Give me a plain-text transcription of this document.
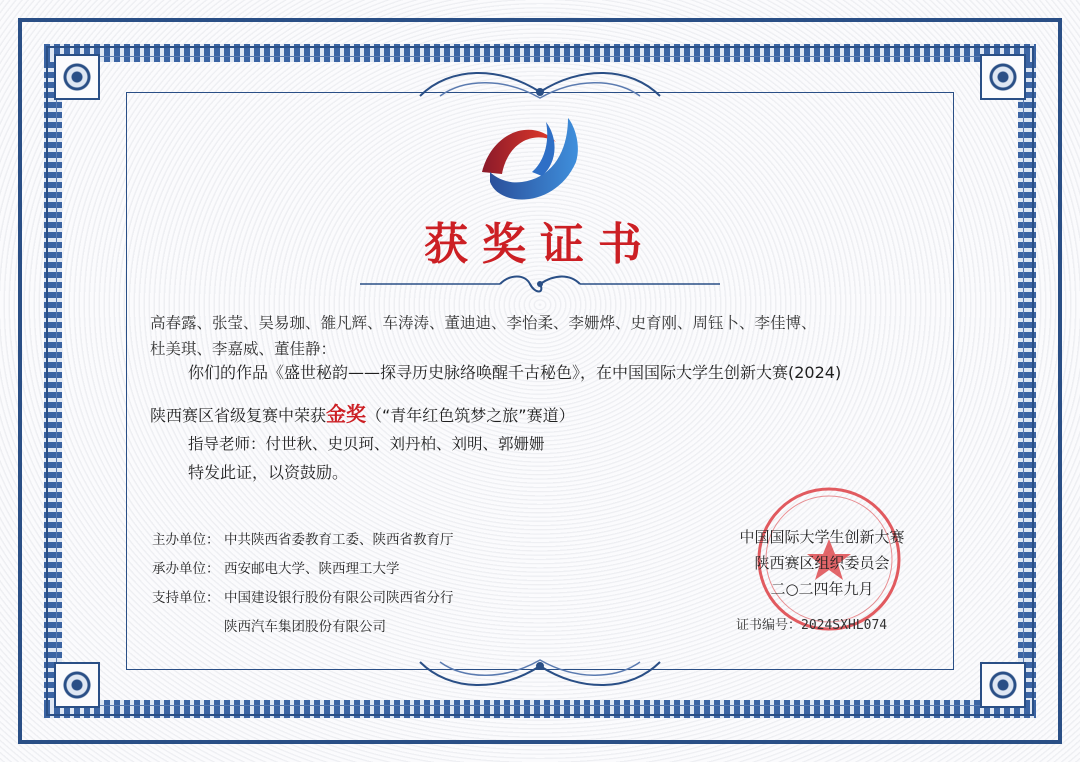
获奖证书
高春露、张莹、吴易珈、雒凡辉、车涛涛、董迪迪、李怡柔、李姗烨、史育刚、周钰卜、李佳博、
杜美琪、李嘉威、董佳静：
你们的作品《盛世秘韵——探寻历史脉络唤醒千古秘色》，在中国国际大学生创新大赛(2024)
陕西赛区省级复赛中荣获金奖（“青年红色筑梦之旅”赛道）
指导老师：付世秋、史贝珂、刘丹柏、刘明、郭姗姗
特发此证，以资鼓励。
主办单位： 中共陕西省委教育工委、陕西省教育厅
承办单位： 西安邮电大学、陕西理工大学
支持单位： 中国建设银行股份有限公司陕西省分行
陕西汽车集团股份有限公司
中国国际大学生创新大赛
陕西赛区组织委员会
二○二四年九月
证书编号：2024SXHL074
